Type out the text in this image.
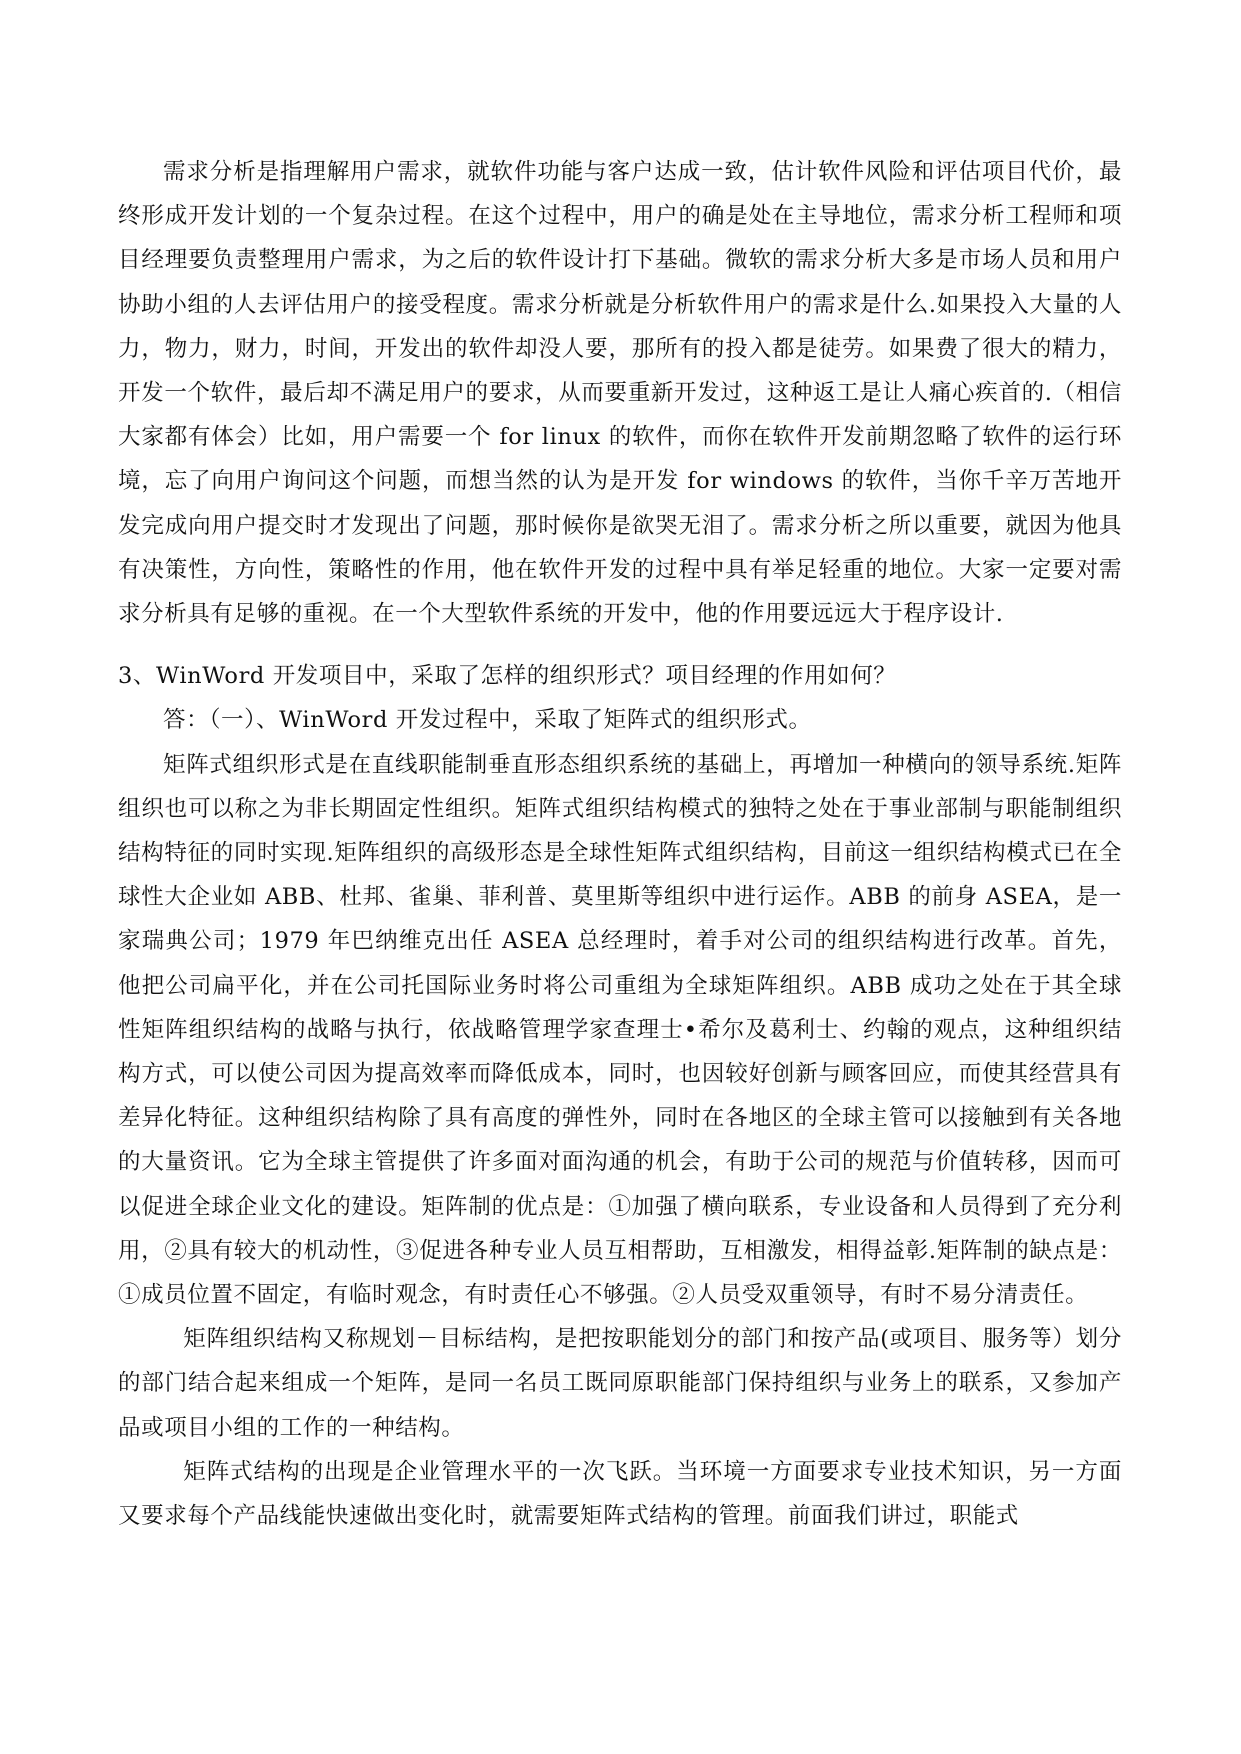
需求分析是指理解用户需求，就软件功能与客户达成一致，估计软件风险和评估项目代价，最终形成开发计划的一个复杂过程。在这个过程中，用户的确是处在主导地位，需求分析工程师和项目经理要负责整理用户需求，为之后的软件设计打下基础。微软的需求分析大多是市场人员和用户协助小组的人去评估用户的接受程度。需求分析就是分析软件用户的需求是什么.如果投入大量的人力，物力，财力，时间，开发出的软件却没人要，那所有的投入都是徒劳。如果费了很大的精力，开发一个软件，最后却不满足用户的要求，从而要重新开发过，这种返工是让人痛心疾首的.（相信大家都有体会）比如，用户需要一个 for linux 的软件，而你在软件开发前期忽略了软件的运行环境，忘了向用户询问这个问题，而想当然的认为是开发 for windows 的软件，当你千辛万苦地开发完成向用户提交时才发现出了问题，那时候你是欲哭无泪了。需求分析之所以重要，就因为他具有决策性，方向性，策略性的作用，他在软件开发的过程中具有举足轻重的地位。大家一定要对需求分析具有足够的重视。在一个大型软件系统的开发中，他的作用要远远大于程序设计.

3、WinWord 开发项目中，采取了怎样的组织形式？项目经理的作用如何？

答：（一）、WinWord 开发过程中，采取了矩阵式的组织形式。

矩阵式组织形式是在直线职能制垂直形态组织系统的基础上，再增加一种横向的领导系统.矩阵组织也可以称之为非长期固定性组织。矩阵式组织结构模式的独特之处在于事业部制与职能制组织结构特征的同时实现.矩阵组织的高级形态是全球性矩阵式组织结构，目前这一组织结构模式已在全球性大企业如 ABB、杜邦、雀巢、菲利普、莫里斯等组织中进行运作。ABB 的前身 ASEA，是一家瑞典公司；1979 年巴纳维克出任 ASEA 总经理时，着手对公司的组织结构进行改革。首先，他把公司扁平化，并在公司托国际业务时将公司重组为全球矩阵组织。ABB 成功之处在于其全球性矩阵组织结构的战略与执行，依战略管理学家查理士•希尔及葛利士、约翰的观点，这种组织结构方式，可以使公司因为提高效率而降低成本，同时，也因较好创新与顾客回应，而使其经营具有差异化特征。这种组织结构除了具有高度的弹性外，同时在各地区的全球主管可以接触到有关各地的大量资讯。它为全球主管提供了许多面对面沟通的机会，有助于公司的规范与价值转移，因而可以促进全球企业文化的建设。矩阵制的优点是：①加强了横向联系，专业设备和人员得到了充分利用，②具有较大的机动性，③促进各种专业人员互相帮助，互相激发，相得益彰.矩阵制的缺点是：①成员位置不固定，有临时观念，有时责任心不够强。②人员受双重领导，有时不易分清责任。

矩阵组织结构又称规划－目标结构，是把按职能划分的部门和按产品(或项目、服务等）划分的部门结合起来组成一个矩阵，是同一名员工既同原职能部门保持组织与业务上的联系，又参加产品或项目小组的工作的一种结构。

矩阵式结构的出现是企业管理水平的一次飞跃。当环境一方面要求专业技术知识，另一方面又要求每个产品线能快速做出变化时，就需要矩阵式结构的管理。前面我们讲过，职能式
